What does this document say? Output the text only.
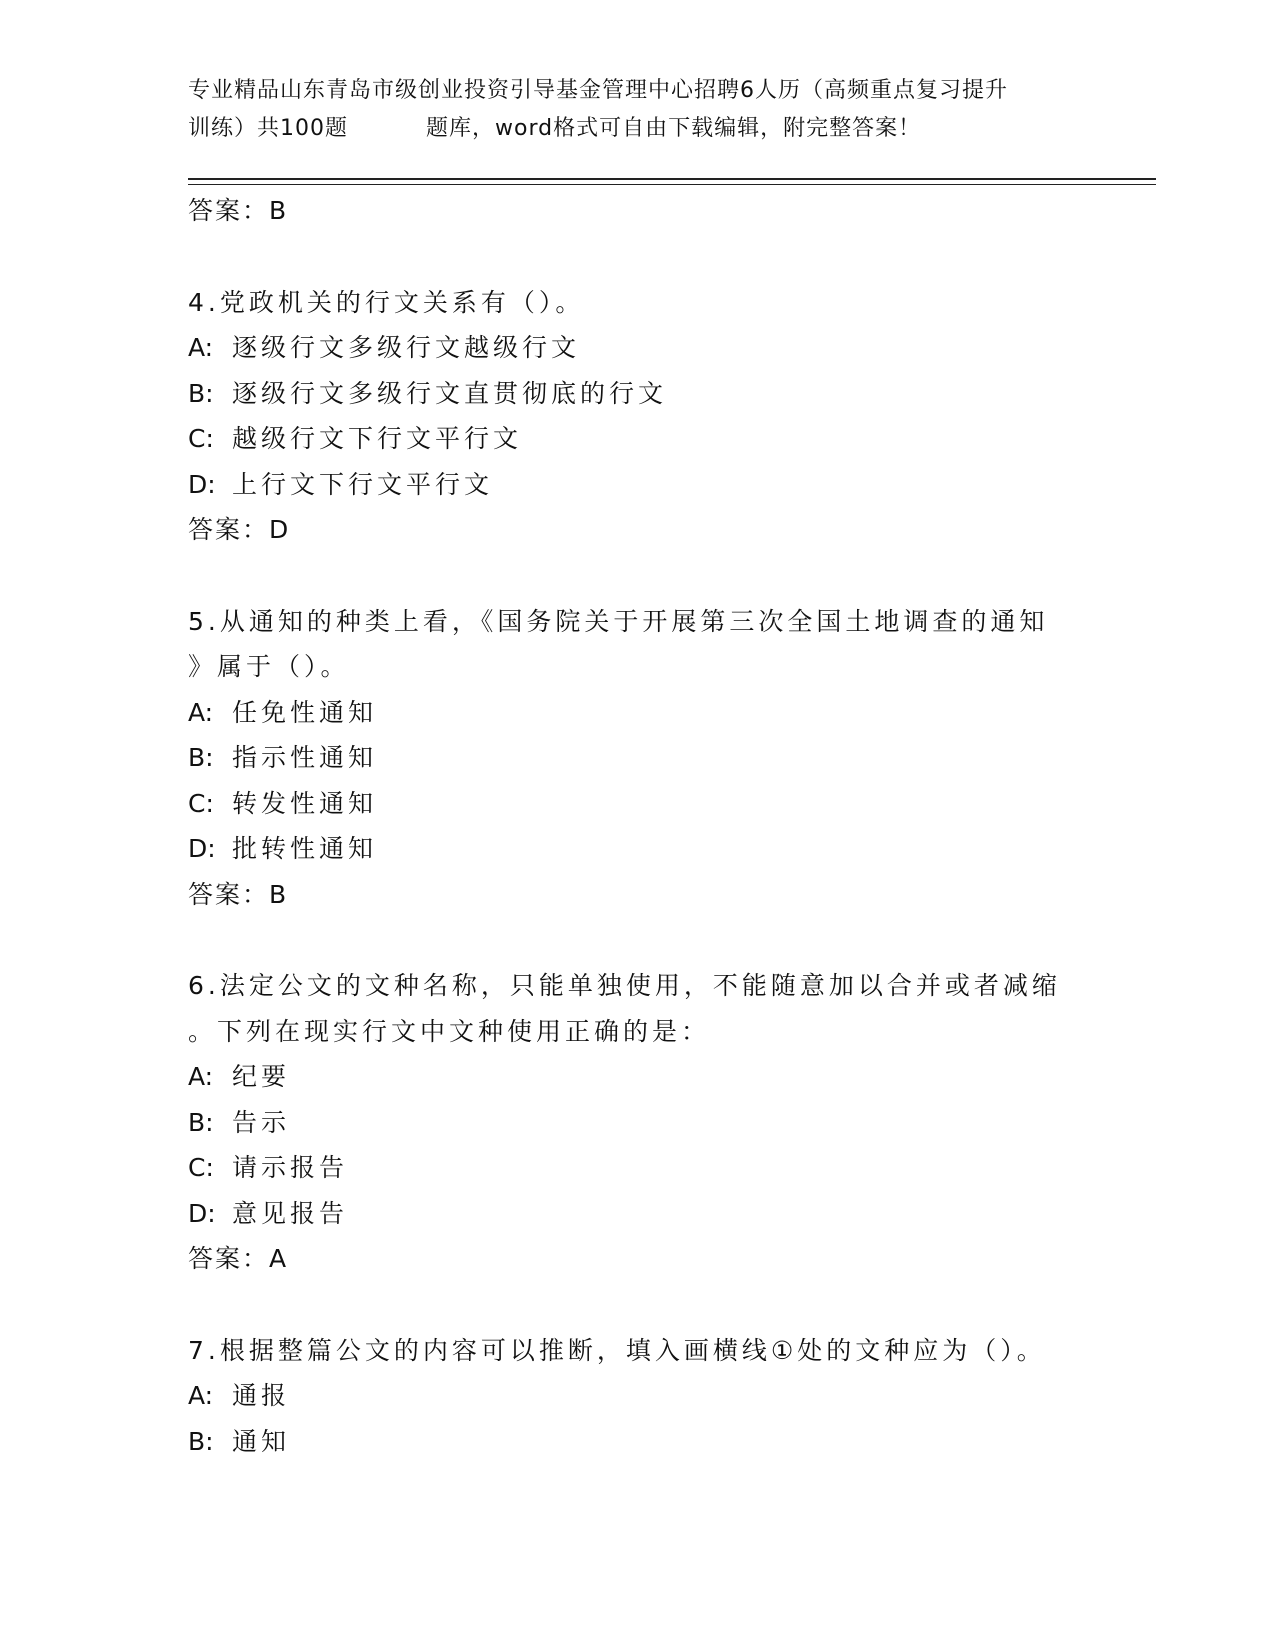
专业精品山东青岛市级创业投资引导基金管理中心招聘6人历（高频重点复习提升
训练）共100题	题库，word格式可自由下载编辑，附完整答案！
答案：B
4.党政机关的行文关系有（）。
A: 逐级行文多级行文越级行文
B: 逐级行文多级行文直贯彻底的行文
C: 越级行文下行文平行文
D: 上行文下行文平行文
答案：D
5.从通知的种类上看，《国务院关于开展第三次全国土地调查的通知
》属于（）。
A: 任免性通知
B: 指示性通知
C: 转发性通知
D: 批转性通知
答案：B
6.法定公文的文种名称，只能单独使用，不能随意加以合并或者减缩
。下列在现实行文中文种使用正确的是：
A: 纪要
B: 告示
C: 请示报告
D: 意见报告
答案：A
7.根据整篇公文的内容可以推断，填入画横线①处的文种应为（）。
A: 通报
B: 通知
